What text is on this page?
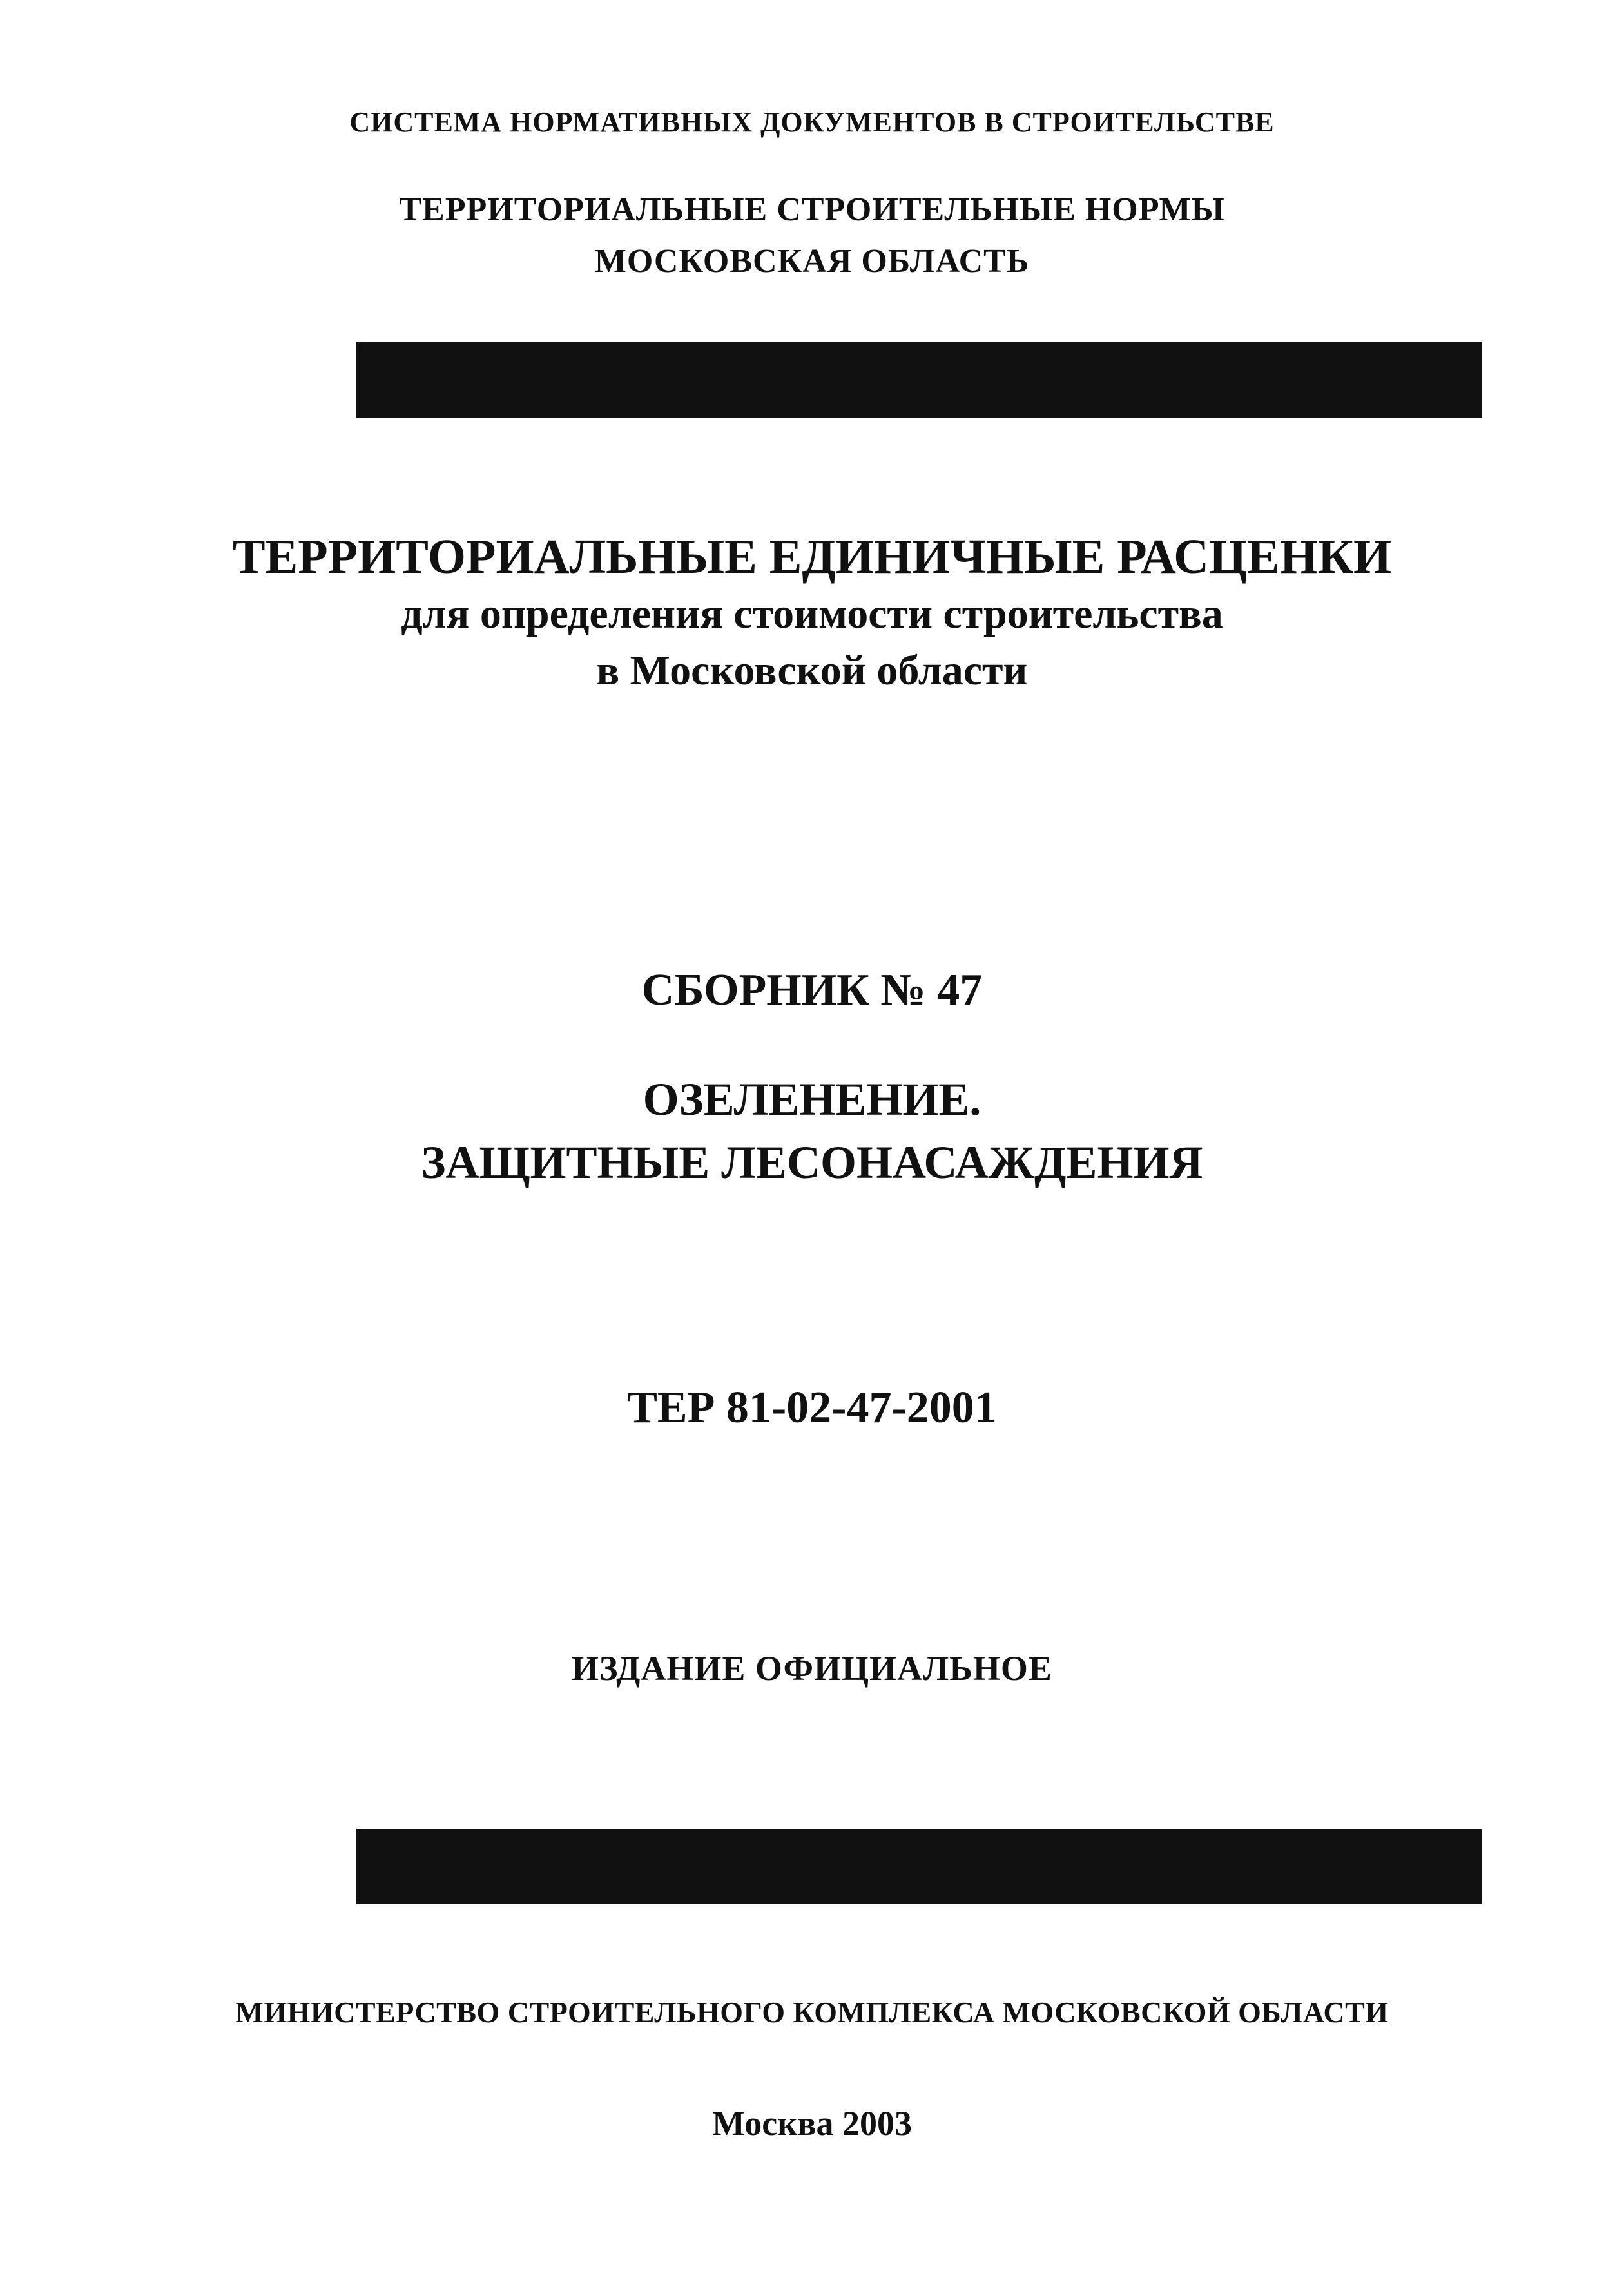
СИСТЕМА НОРМАТИВНЫХ ДОКУМЕНТОВ В СТРОИТЕЛЬСТВЕ
ТЕРРИТОРИАЛЬНЫЕ СТРОИТЕЛЬНЫЕ НОРМЫ
МОСКОВСКАЯ ОБЛАСТЬ
ТЕРРИТОРИАЛЬНЫЕ ЕДИНИЧНЫЕ РАСЦЕНКИ
для определения стоимости строительства
в Московской области
СБОРНИК № 47
ОЗЕЛЕНЕНИЕ.
ЗАЩИТНЫЕ ЛЕСОНАСАЖДЕНИЯ
ТЕР 81-02-47-2001
ИЗДАНИЕ ОФИЦИАЛЬНОЕ
МИНИСТЕРСТВО СТРОИТЕЛЬНОГО КОМПЛЕКСА МОСКОВСКОЙ ОБЛАСТИ
Москва 2003
